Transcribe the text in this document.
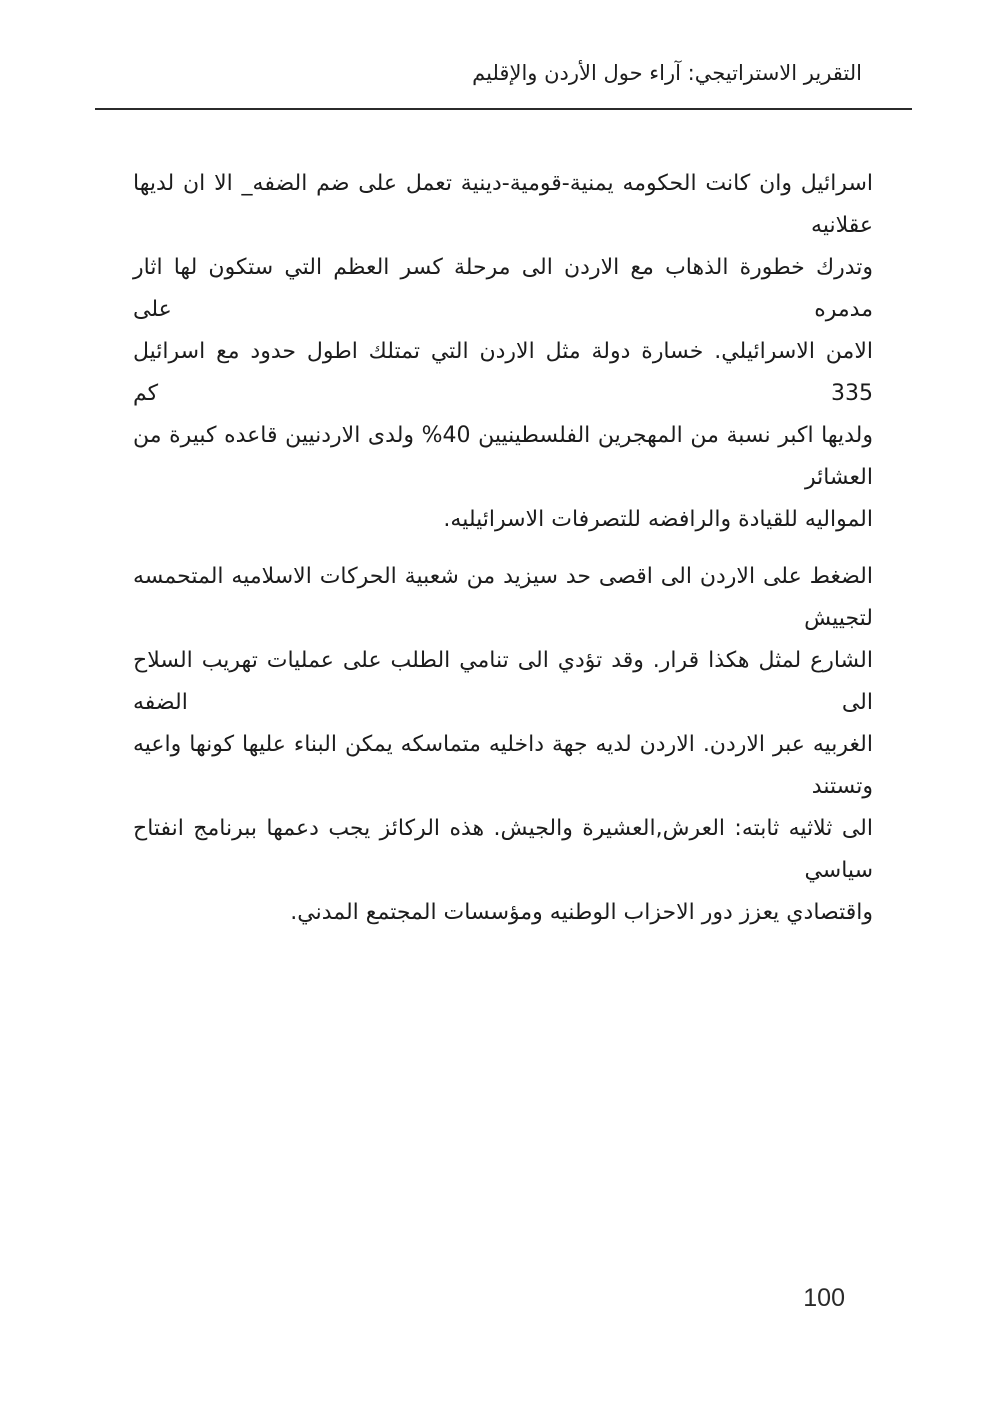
التقرير الاستراتيجي: آراء حول الأردن والإقليم
اسرائيل وان كانت الحكومه يمنية-قومية-دينية تعمل على ضم الضفه_ الا ان لديها عقلانيه
وتدرك خطورة الذهاب مع الاردن الى مرحلة كسر العظم التي ستكون لها اثار مدمره على
الامن الاسرائيلي. خسارة دولة مثل الاردن التي تمتلك اطول حدود مع اسرائيل 335 كم
ولديها اكبر نسبة من المهجرين الفلسطينيين 40% ولدى الاردنيين قاعده كبيرة من العشائر
المواليه للقيادة والرافضه للتصرفات الاسرائيليه.
الضغط على الاردن الى اقصى حد سيزيد من شعبية الحركات الاسلاميه المتحمسه لتجييش
الشارع لمثل هكذا قرار. وقد تؤدي الى تنامي الطلب على عمليات تهريب السلاح الى الضفه
الغربيه عبر الاردن. الاردن لديه جهة داخليه متماسكه يمكن البناء عليها كونها واعيه وتستند
الى ثلاثيه ثابته: العرش,العشيرة والجيش. هذه الركائز يجب دعمها ببرنامج انفتاح سياسي
واقتصادي يعزز دور الاحزاب الوطنيه ومؤسسات المجتمع المدني.
100
